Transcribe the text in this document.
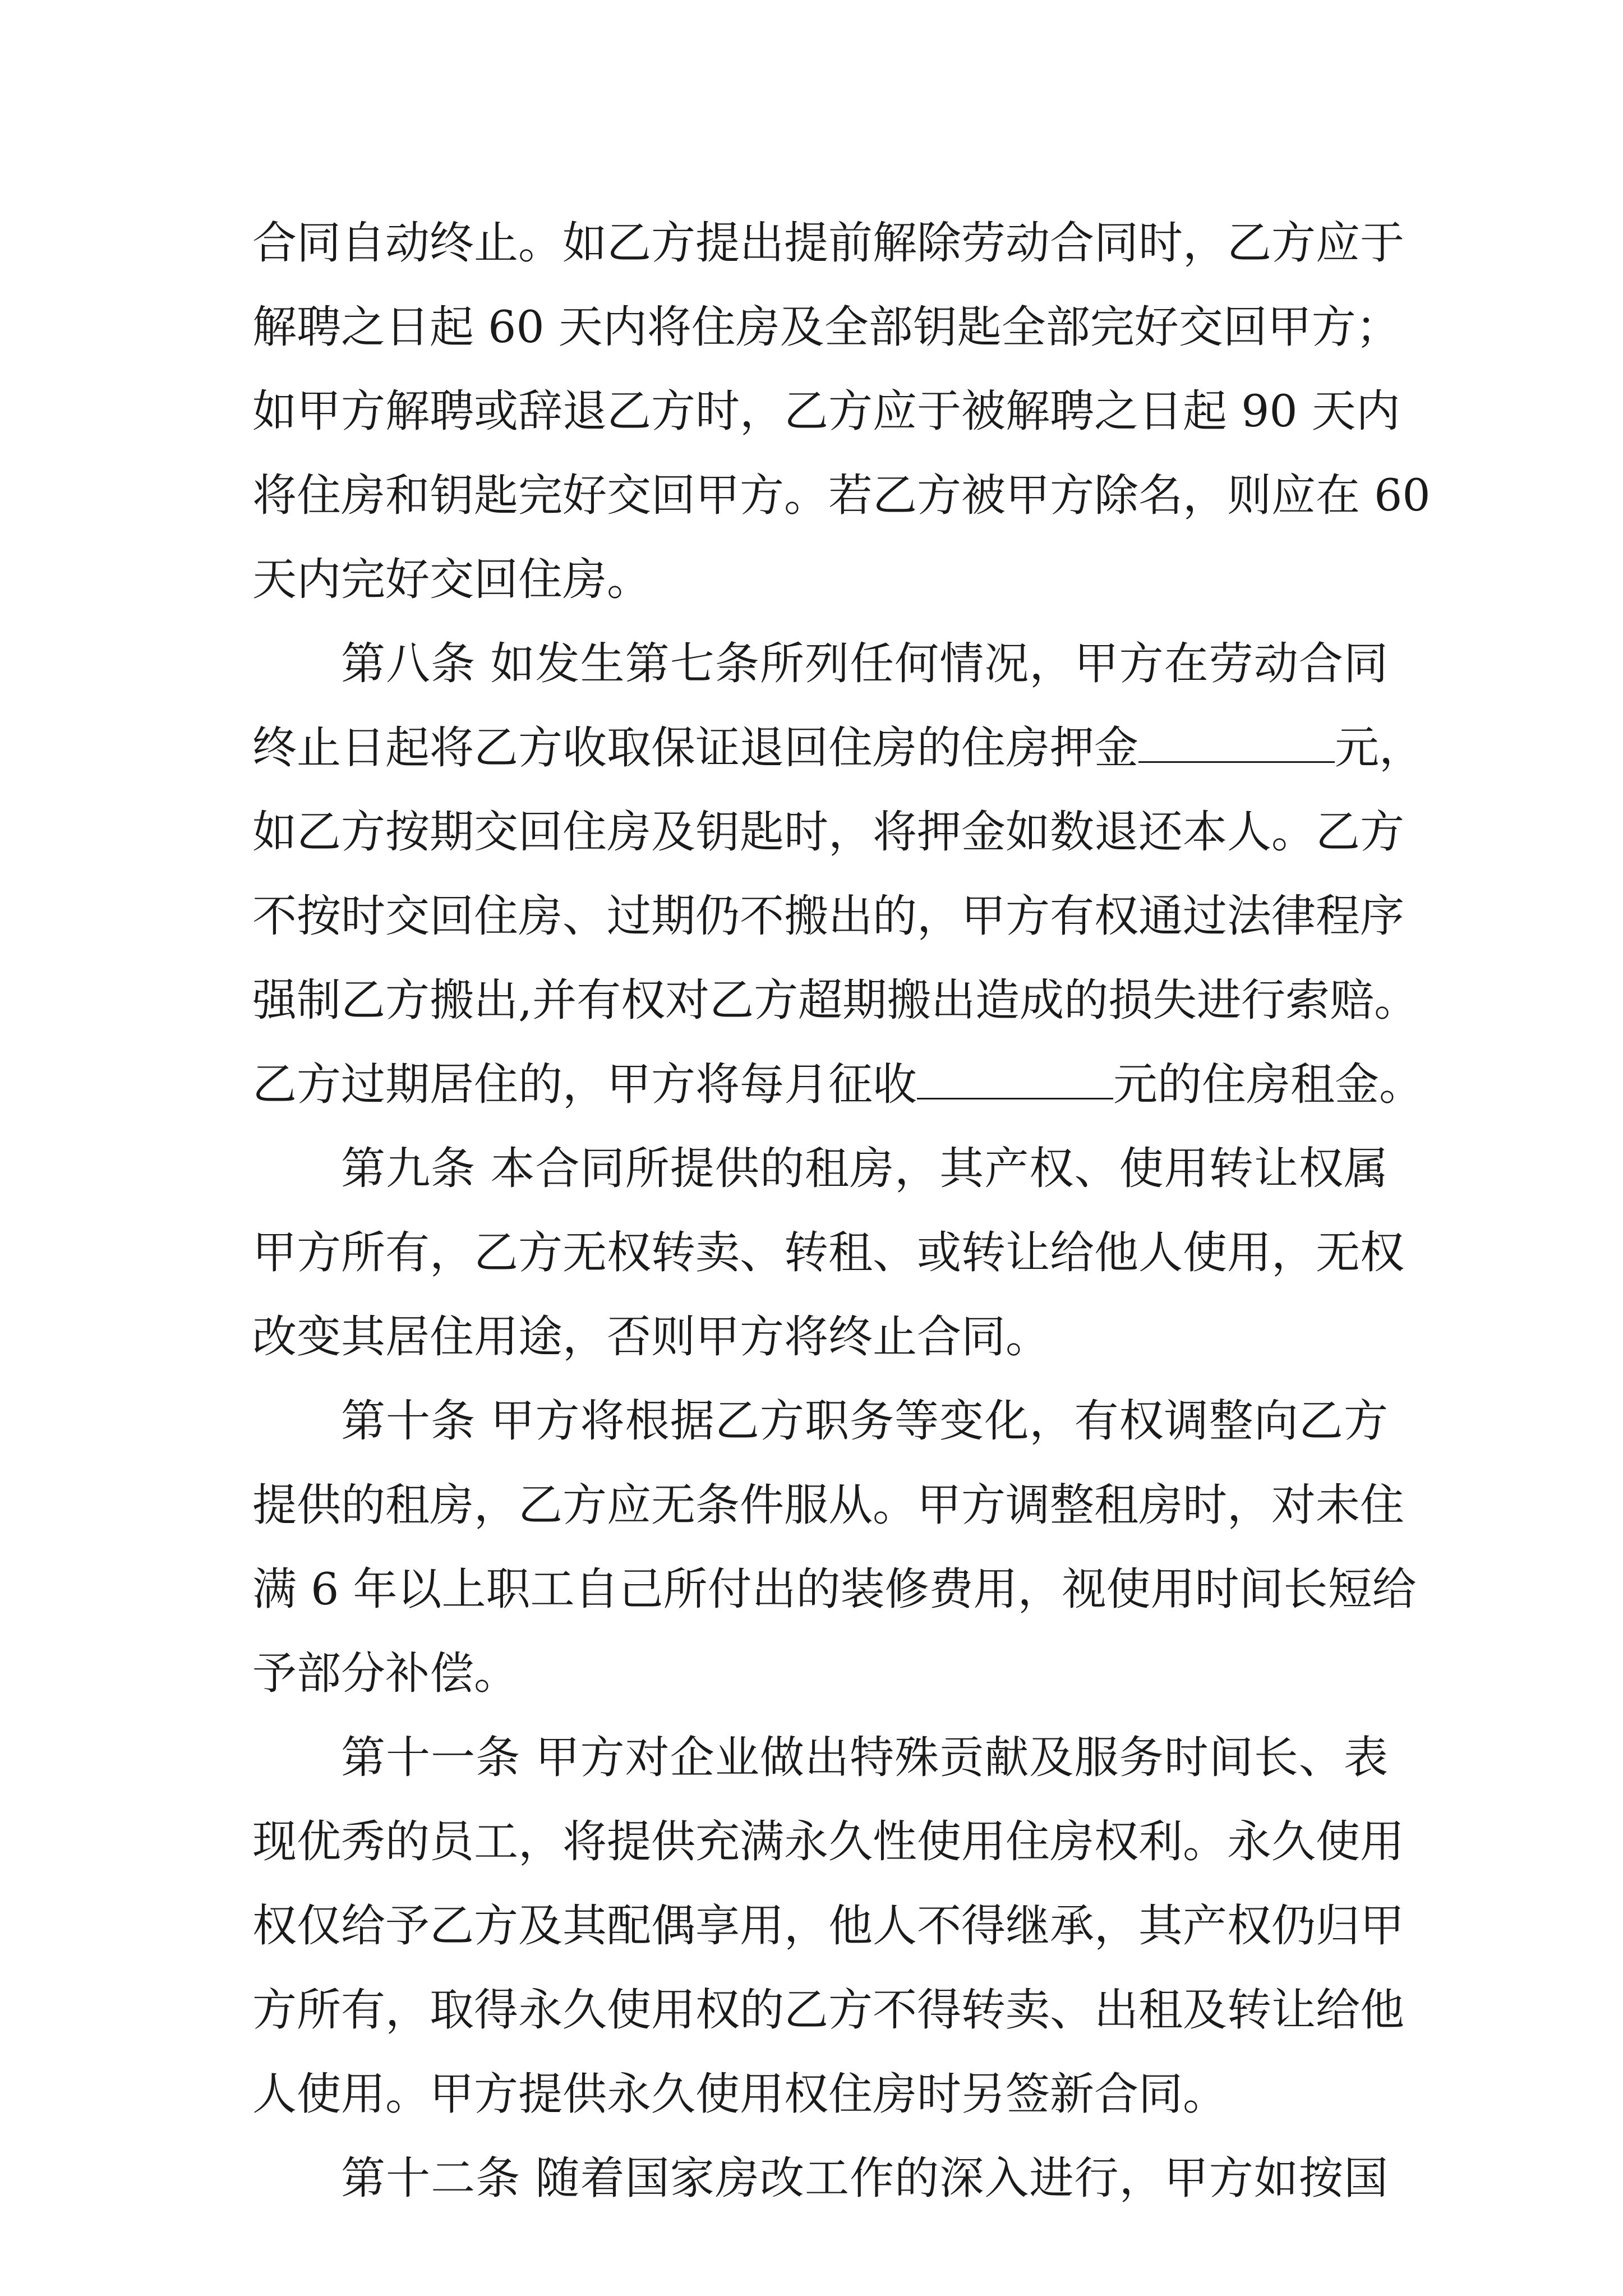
合同自动终止。如乙方提出提前解除劳动合同时，乙方应于
解聘之日起 60 天内将住房及全部钥匙全部完好交回甲方；
如甲方解聘或辞退乙方时，乙方应于被解聘之日起 90 天内
将住房和钥匙完好交回甲方。若乙方被甲方除名，则应在 60
天内完好交回住房。
第八条 如发生第七条所列任何情况，甲方在劳动合同
终止日起将乙方收取保证退回住房的住房押金	元，
如乙方按期交回住房及钥匙时，将押金如数退还本人。乙方
不按时交回住房、过期仍不搬出的，甲方有权通过法律程序
强制乙方搬出,并有权对乙方超期搬出造成的损失进行索赔。
乙方过期居住的，甲方将每月征收	元的住房租金。
第九条 本合同所提供的租房，其产权、使用转让权属
甲方所有，乙方无权转卖、转租、或转让给他人使用，无权
改变其居住用途，否则甲方将终止合同。
第十条 甲方将根据乙方职务等变化，有权调整向乙方
提供的租房，乙方应无条件服从。甲方调整租房时，对未住
满 6 年以上职工自己所付出的装修费用，视使用时间长短给
予部分补偿。
第十一条 甲方对企业做出特殊贡献及服务时间长、表
现优秀的员工，将提供充满永久性使用住房权利。永久使用
权仅给予乙方及其配偶享用，他人不得继承，其产权仍归甲
方所有，取得永久使用权的乙方不得转卖、出租及转让给他
人使用。甲方提供永久使用权住房时另签新合同。
第十二条 随着国家房改工作的深入进行，甲方如按国
